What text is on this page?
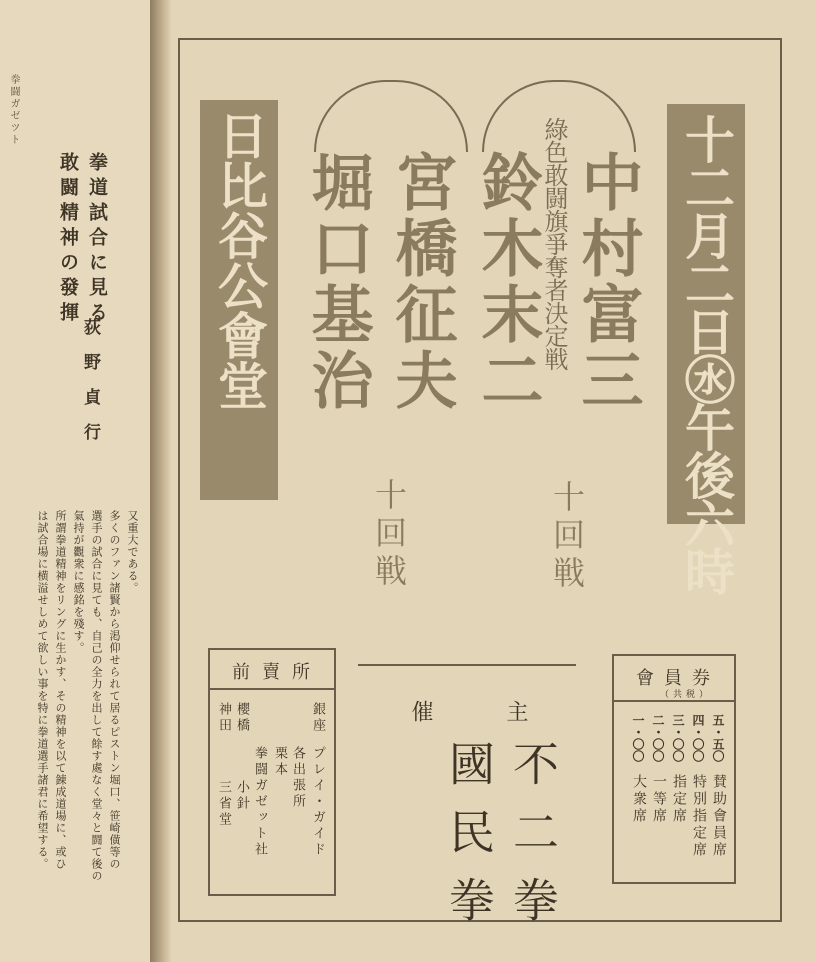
拳闘ガゼツト
拳道試合に見る
敢闘精神の發揮
荻野貞行
又重大である。
多くのファン諸賢から渇仰せられて居るピストン堀口、笹崎僙等の
選手の試合に見ても、自己の全力を出して餘す處なく堂々と闘て後の
氣持が觀衆に感銘を殘す。
所謂拳道精神をリングに生かす、その精神を以て錬成道場に、或ひ
は試合場に横溢せしめて欲しい事を特に拳道選手諸君に希望する。
十二月二日㊌午後六時
中村富三
綠色敢闘旗爭奪者決定戦
鈴木末二
十回戦
宮橋征夫
堀口基治
十回戦
日比谷公會堂
會員券
（共税）
五・五〇
四・〇〇
三・〇〇
二・〇〇
一・〇〇
賛助會員席
特別指定席
指定席
一等席
大衆席
主
催
不二拳
國民拳
前賣所
銀座
プレイ・ガイド
各出張所
栗本
拳闘ガゼット社
櫻橋
小針
神田
三省堂
